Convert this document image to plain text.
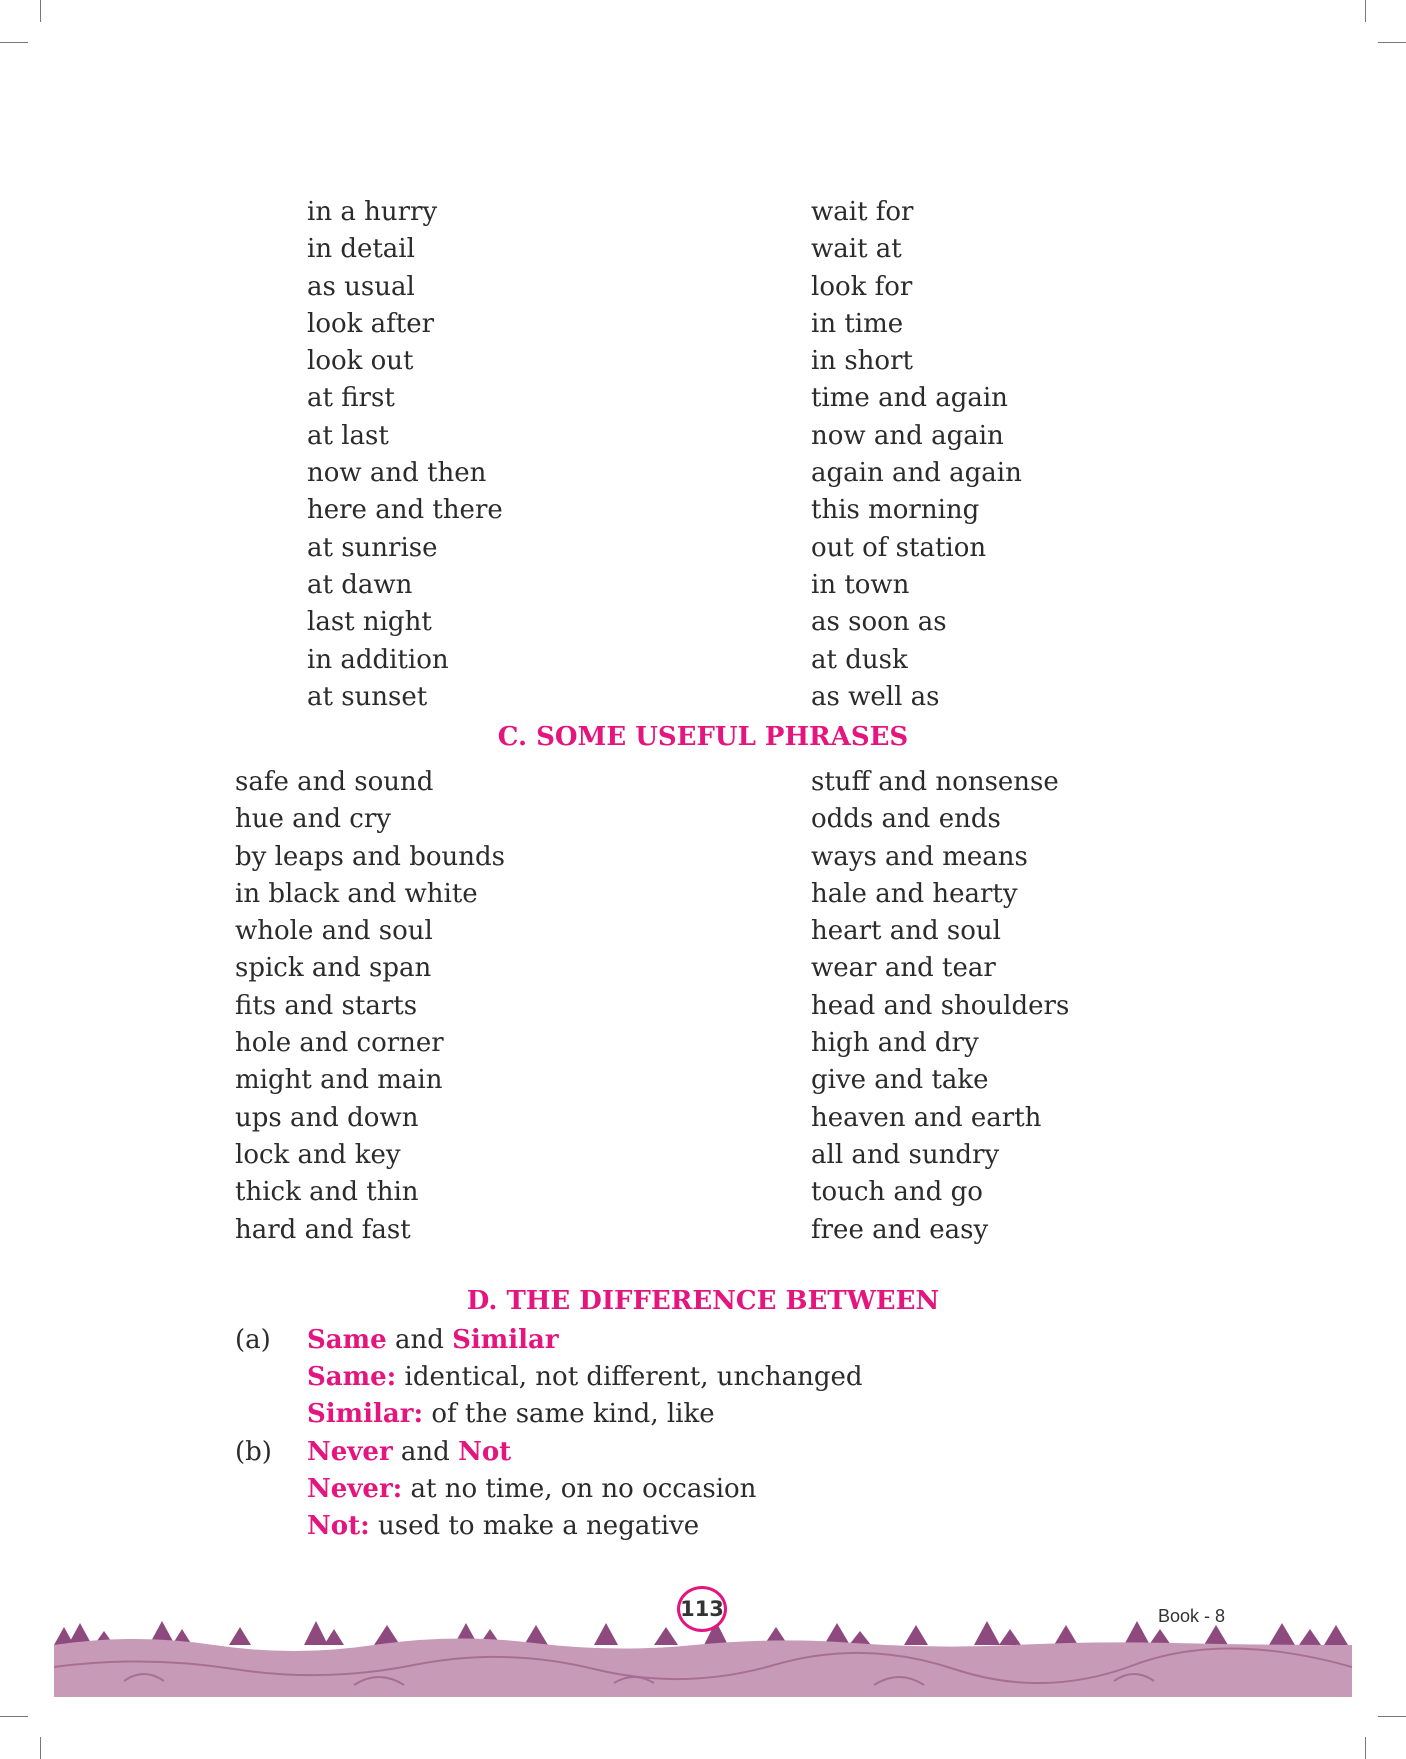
in a hurry
in detail
as usual
look after
look out
at first
at last
now and then
here and there
at sunrise
at dawn
last night
in addition
at sunset
wait for
wait at
look for
in time
in short
time and again
now and again
again and again
this morning
out of station
in town
as soon as
at dusk
as well as
C. SOME USEFUL PHRASES
safe and sound
hue and cry
by leaps and bounds
in black and white
whole and soul
spick and span
fits and starts
hole and corner
might and main
ups and down
lock and key
thick and thin
hard and fast
stuff and nonsense
odds and ends
ways and means
hale and hearty
heart and soul
wear and tear
head and shoulders
high and dry
give and take
heaven and earth
all and sundry
touch and go
free and easy
D. THE DIFFERENCE BETWEEN
(a) Same and Similar
Same: identical, not different, unchanged
Similar: of the same kind, like
(b) Never and Not
Never: at no time, on no occasion
Not: used to make a negative
113	Book - 8
